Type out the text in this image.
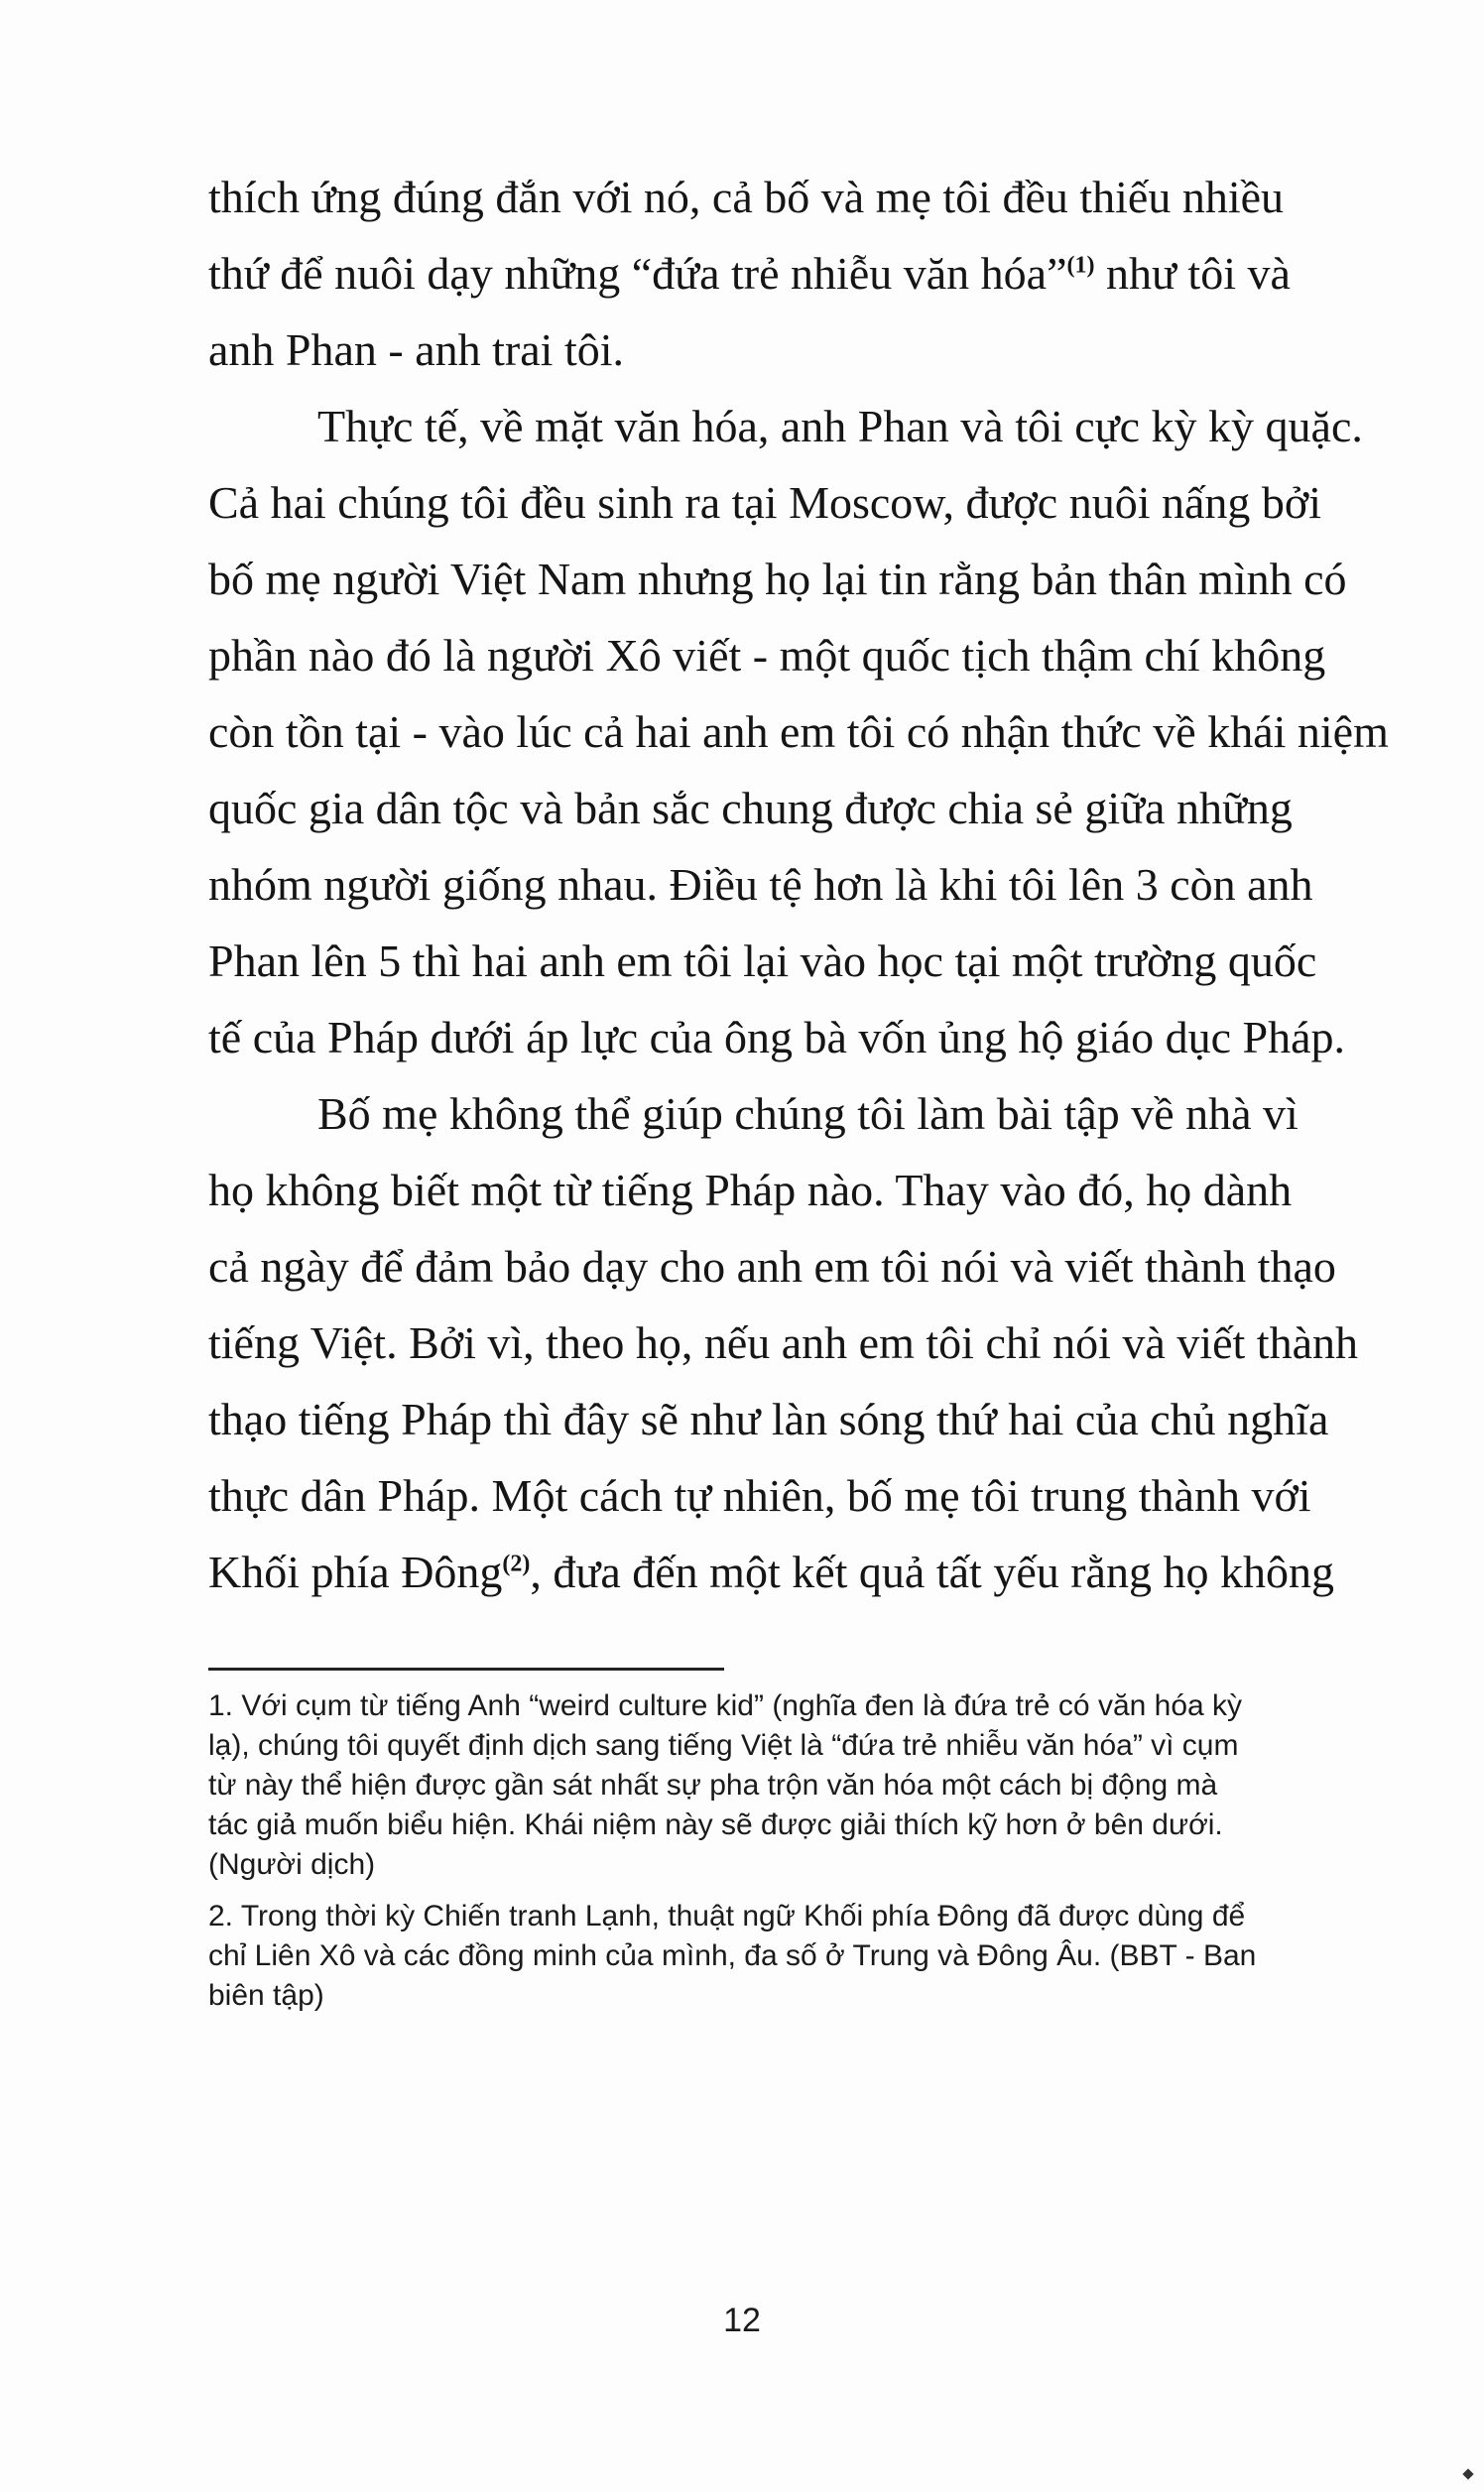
thích ứng đúng đắn với nó, cả bố và mẹ tôi đều thiếu nhiều
thứ để nuôi dạy những “đứa trẻ nhiễu văn hóa”$^{(1)}$ như tôi và
anh Phan - anh trai tôi.
Thực tế, về mặt văn hóa, anh Phan và tôi cực kỳ kỳ quặc.
Cả hai chúng tôi đều sinh ra tại Moscow, được nuôi nấng bởi
bố mẹ người Việt Nam nhưng họ lại tin rằng bản thân mình có
phần nào đó là người Xô viết - một quốc tịch thậm chí không
còn tồn tại - vào lúc cả hai anh em tôi có nhận thức về khái niệm
quốc gia dân tộc và bản sắc chung được chia sẻ giữa những
nhóm người giống nhau. Điều tệ hơn là khi tôi lên 3 còn anh
Phan lên 5 thì hai anh em tôi lại vào học tại một trường quốc
tế của Pháp dưới áp lực của ông bà vốn ủng hộ giáo dục Pháp.
Bố mẹ không thể giúp chúng tôi làm bài tập về nhà vì
họ không biết một từ tiếng Pháp nào. Thay vào đó, họ dành
cả ngày để đảm bảo dạy cho anh em tôi nói và viết thành thạo
tiếng Việt. Bởi vì, theo họ, nếu anh em tôi chỉ nói và viết thành
thạo tiếng Pháp thì đây sẽ như làn sóng thứ hai của chủ nghĩa
thực dân Pháp. Một cách tự nhiên, bố mẹ tôi trung thành với
Khối phía Đông$^{(2)}$, đưa đến một kết quả tất yếu rằng họ không
1. Với cụm từ tiếng Anh “weird culture kid” (nghĩa đen là đứa trẻ có văn hóa kỳ
lạ), chúng tôi quyết định dịch sang tiếng Việt là “đứa trẻ nhiễu văn hóa” vì cụm
từ này thể hiện được gần sát nhất sự pha trộn văn hóa một cách bị động mà
tác giả muốn biểu hiện. Khái niệm này sẽ được giải thích kỹ hơn ở bên dưới.
(Người dịch)
2. Trong thời kỳ Chiến tranh Lạnh, thuật ngữ Khối phía Đông đã được dùng để
chỉ Liên Xô và các đồng minh của mình, đa số ở Trung và Đông Âu. (BBT - Ban
biên tập)
12
